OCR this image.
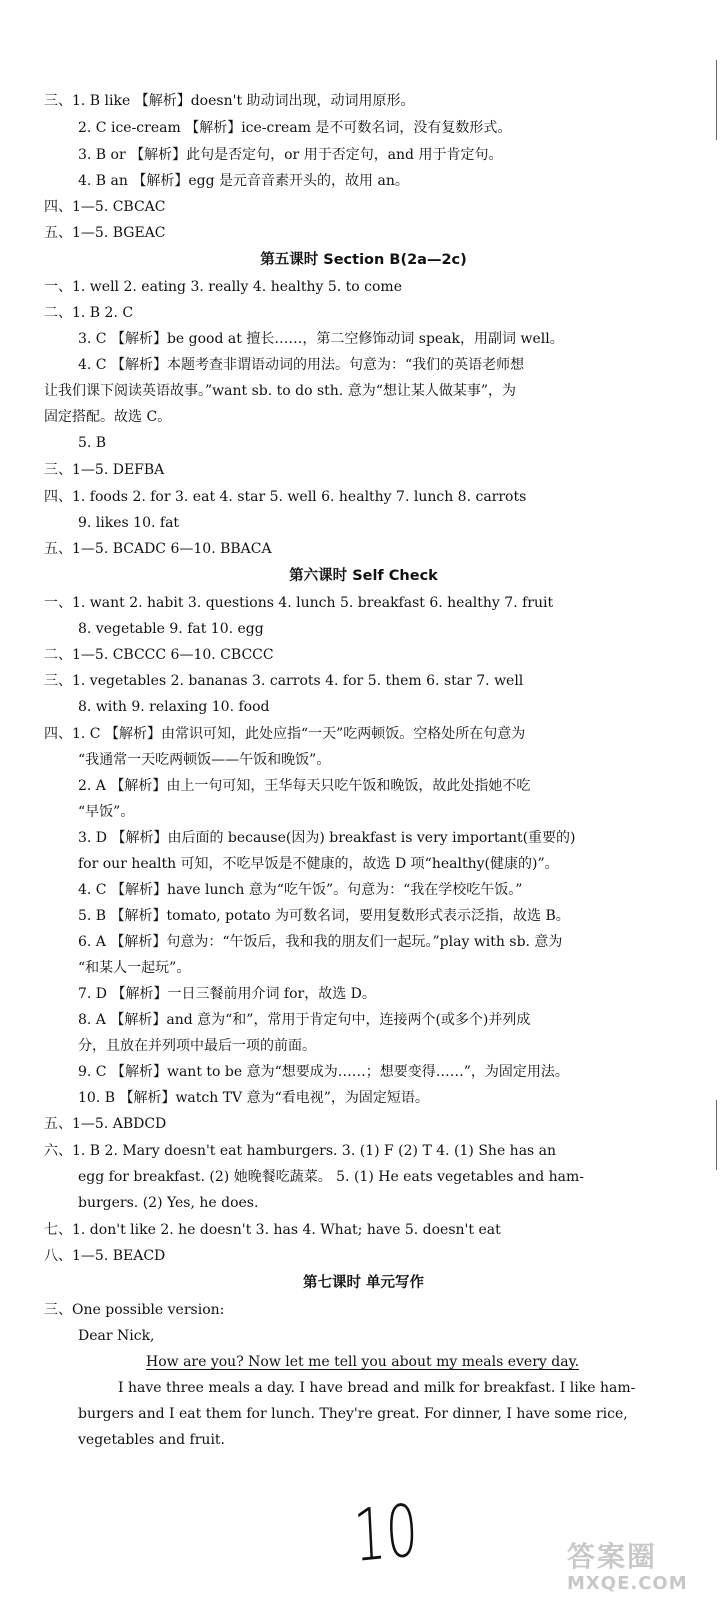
三、1. B like 【解析】doesn't 助动词出现，动词用原形。
2. C ice-cream 【解析】ice-cream 是不可数名词，没有复数形式。
3. B or 【解析】此句是否定句，or 用于否定句，and 用于肯定句。
4. B an 【解析】egg 是元音音素开头的，故用 an。
四、1—5. CBCAC
五、1—5. BGEAC
第五课时 Section B(2a—2c)
一、1. well 2. eating 3. really 4. healthy 5. to come
二、1. B 2. C
3. C 【解析】be good at 擅长……，第二空修饰动词 speak，用副词 well。
4. C 【解析】本题考查非谓语动词的用法。句意为：“我们的英语老师想
让我们课下阅读英语故事。”want sb. to do sth. 意为“想让某人做某事”，为
固定搭配。故选 C。
5. B
三、1—5. DEFBA
四、1. foods 2. for 3. eat 4. star 5. well 6. healthy 7. lunch 8. carrots
9. likes 10. fat
五、1—5. BCADC 6—10. BBACA
第六课时 Self Check
一、1. want 2. habit 3. questions 4. lunch 5. breakfast 6. healthy 7. fruit
8. vegetable 9. fat 10. egg
二、1—5. CBCCC 6—10. CBCCC
三、1. vegetables 2. bananas 3. carrots 4. for 5. them 6. star 7. well
8. with 9. relaxing 10. food
四、1. C 【解析】由常识可知，此处应指“一天”吃两顿饭。空格处所在句意为
“我通常一天吃两顿饭——午饭和晚饭”。
2. A 【解析】由上一句可知，王华每天只吃午饭和晚饭，故此处指她不吃
“早饭”。
3. D 【解析】由后面的 because(因为) breakfast is very important(重要的)
for our health 可知，不吃早饭是不健康的，故选 D 项“healthy(健康的)”。
4. C 【解析】have lunch 意为“吃午饭”。句意为：“我在学校吃午饭。”
5. B 【解析】tomato, potato 为可数名词，要用复数形式表示泛指，故选 B。
6. A 【解析】句意为：“午饭后，我和我的朋友们一起玩。”play with sb. 意为
“和某人一起玩”。
7. D 【解析】一日三餐前用介词 for，故选 D。
8. A 【解析】and 意为“和”，常用于肯定句中，连接两个(或多个)并列成
分，且放在并列项中最后一项的前面。
9. C 【解析】want to be 意为“想要成为……；想要变得……”，为固定用法。
10. B 【解析】watch TV 意为“看电视”，为固定短语。
五、1—5. ABDCD
六、1. B 2. Mary doesn't eat hamburgers. 3. (1) F (2) T 4. (1) She has an
egg for breakfast. (2) 她晚餐吃蔬菜。 5. (1) He eats vegetables and ham-
burgers. (2) Yes, he does.
七、1. don't like 2. he doesn't 3. has 4. What; have 5. doesn't eat
八、1—5. BEACD
第七课时 单元写作
三、One possible version:
Dear Nick,
How are you? Now let me tell you about my meals every day.
I have three meals a day. I have bread and milk for breakfast. I like ham-
burgers and I eat them for lunch. They're great. For dinner, I have some rice,
vegetables and fruit.
10	答案圈
MXQE.COM
